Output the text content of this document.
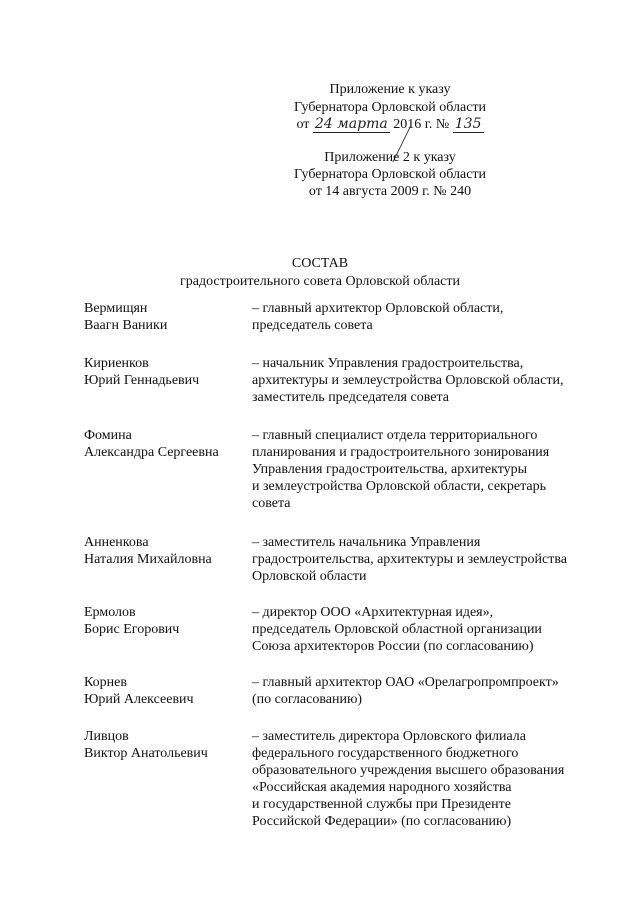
Приложение к указу
Губернатора Орловской области
от 24 марта 2016 г. № 135
Приложение 2 к указу
Губернатора Орловской области
от 14 августа 2009 г. № 240
СОСТАВ
градостроительного совета Орловской области
Вермищян
Ваагн Ваники
– главный архитектор Орловской области,
председатель совета
Кириенков
Юрий Геннадьевич
– начальник Управления градостроительства,
архитектуры и землеустройства Орловской области,
заместитель председателя совета
Фомина
Александра Сергеевна
– главный специалист отдела территориального
планирования и градостроительного зонирования
Управления градостроительства, архитектуры
и землеустройства Орловской области, секретарь
совета
Анненкова
Наталия Михайловна
– заместитель начальника Управления
градостроительства, архитектуры и землеустройства
Орловской области
Ермолов
Борис Егорович
– директор ООО «Архитектурная идея»,
председатель Орловской областной организации
Союза архитекторов России (по согласованию)
Корнев
Юрий Алексеевич
– главный архитектор ОАО «Орелагропромпроект»
(по согласованию)
Ливцов
Виктор Анатольевич
– заместитель директора Орловского филиала
федерального государственного бюджетного
образовательного учреждения высшего образования
«Российская академия народного хозяйства
и государственной службы при Президенте
Российской Федерации» (по согласованию)
